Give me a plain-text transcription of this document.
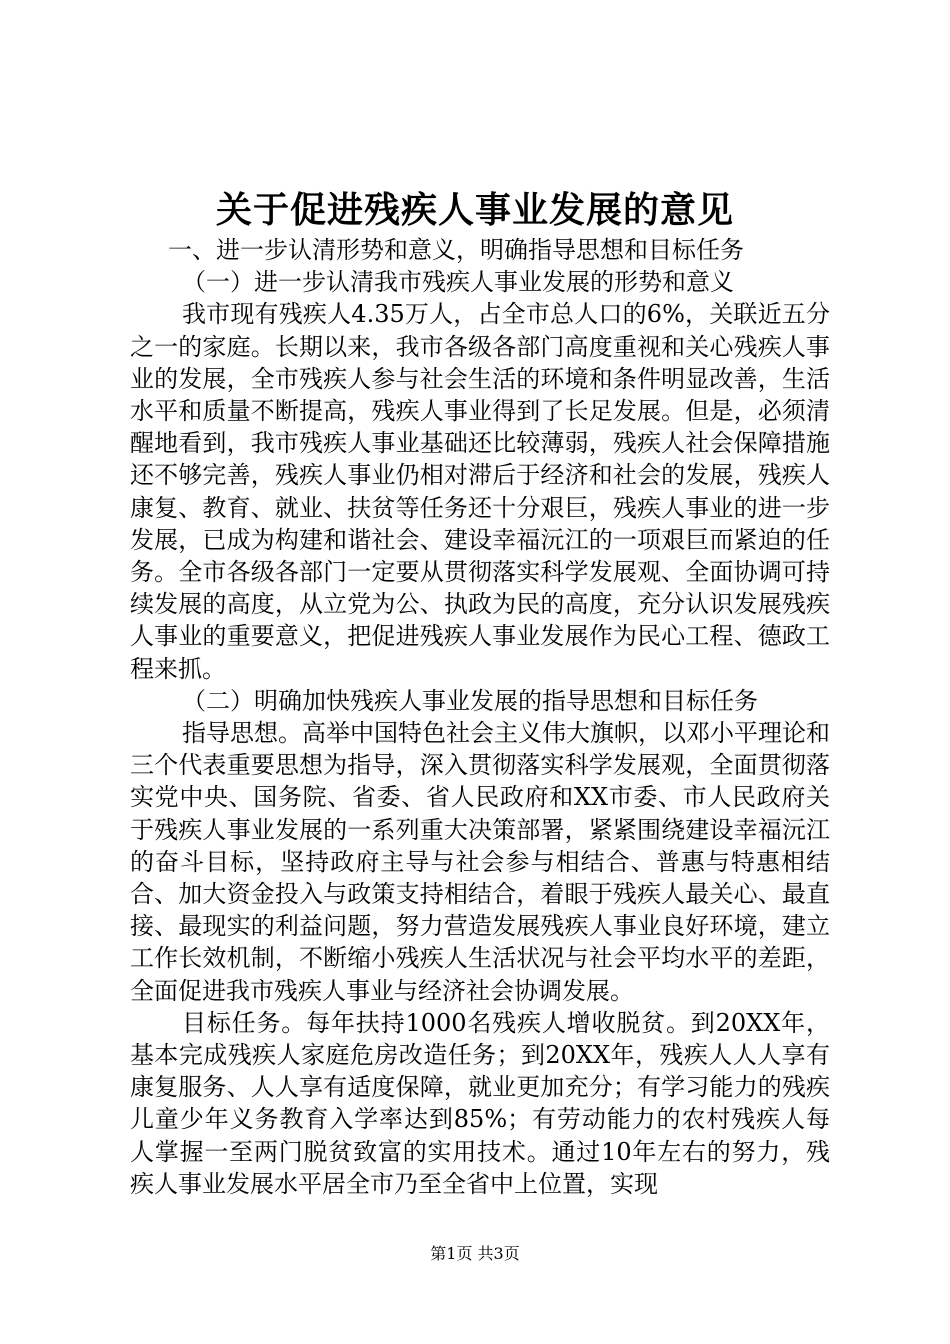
关于促进残疾人事业发展的意见

一、进一步认清形势和意义，明确指导思想和目标任务

（一）进一步认清我市残疾人事业发展的形势和意义

我市现有残疾人4.35万人，占全市总人口的6%，关联近五分之一的家庭。长期以来，我市各级各部门高度重视和关心残疾人事业的发展，全市残疾人参与社会生活的环境和条件明显改善，生活水平和质量不断提高，残疾人事业得到了长足发展。但是，必须清醒地看到，我市残疾人事业基础还比较薄弱，残疾人社会保障措施还不够完善，残疾人事业仍相对滞后于经济和社会的发展，残疾人康复、教育、就业、扶贫等任务还十分艰巨，残疾人事业的进一步发展，已成为构建和谐社会、建设幸福沅江的一项艰巨而紧迫的任务。全市各级各部门一定要从贯彻落实科学发展观、全面协调可持续发展的高度，从立党为公、执政为民的高度，充分认识发展残疾人事业的重要意义，把促进残疾人事业发展作为民心工程、德政工程来抓。

（二）明确加快残疾人事业发展的指导思想和目标任务

指导思想。高举中国特色社会主义伟大旗帜，以邓小平理论和三个代表重要思想为指导，深入贯彻落实科学发展观，全面贯彻落实党中央、国务院、省委、省人民政府和XX市委、市人民政府关于残疾人事业发展的一系列重大决策部署，紧紧围绕建设幸福沅江的奋斗目标，坚持政府主导与社会参与相结合、普惠与特惠相结合、加大资金投入与政策支持相结合，着眼于残疾人最关心、最直接、最现实的利益问题，努力营造发展残疾人事业良好环境，建立工作长效机制，不断缩小残疾人生活状况与社会平均水平的差距，全面促进我市残疾人事业与经济社会协调发展。

目标任务。每年扶持1000名残疾人增收脱贫。到20XX年，基本完成残疾人家庭危房改造任务；到20XX年，残疾人人人享有康复服务、人人享有适度保障，就业更加充分；有学习能力的残疾儿童少年义务教育入学率达到85%；有劳动能力的农村残疾人每人掌握一至两门脱贫致富的实用技术。通过10年左右的努力，残疾人事业发展水平居全市乃至全省中上位置，实现

第1页 共3页
